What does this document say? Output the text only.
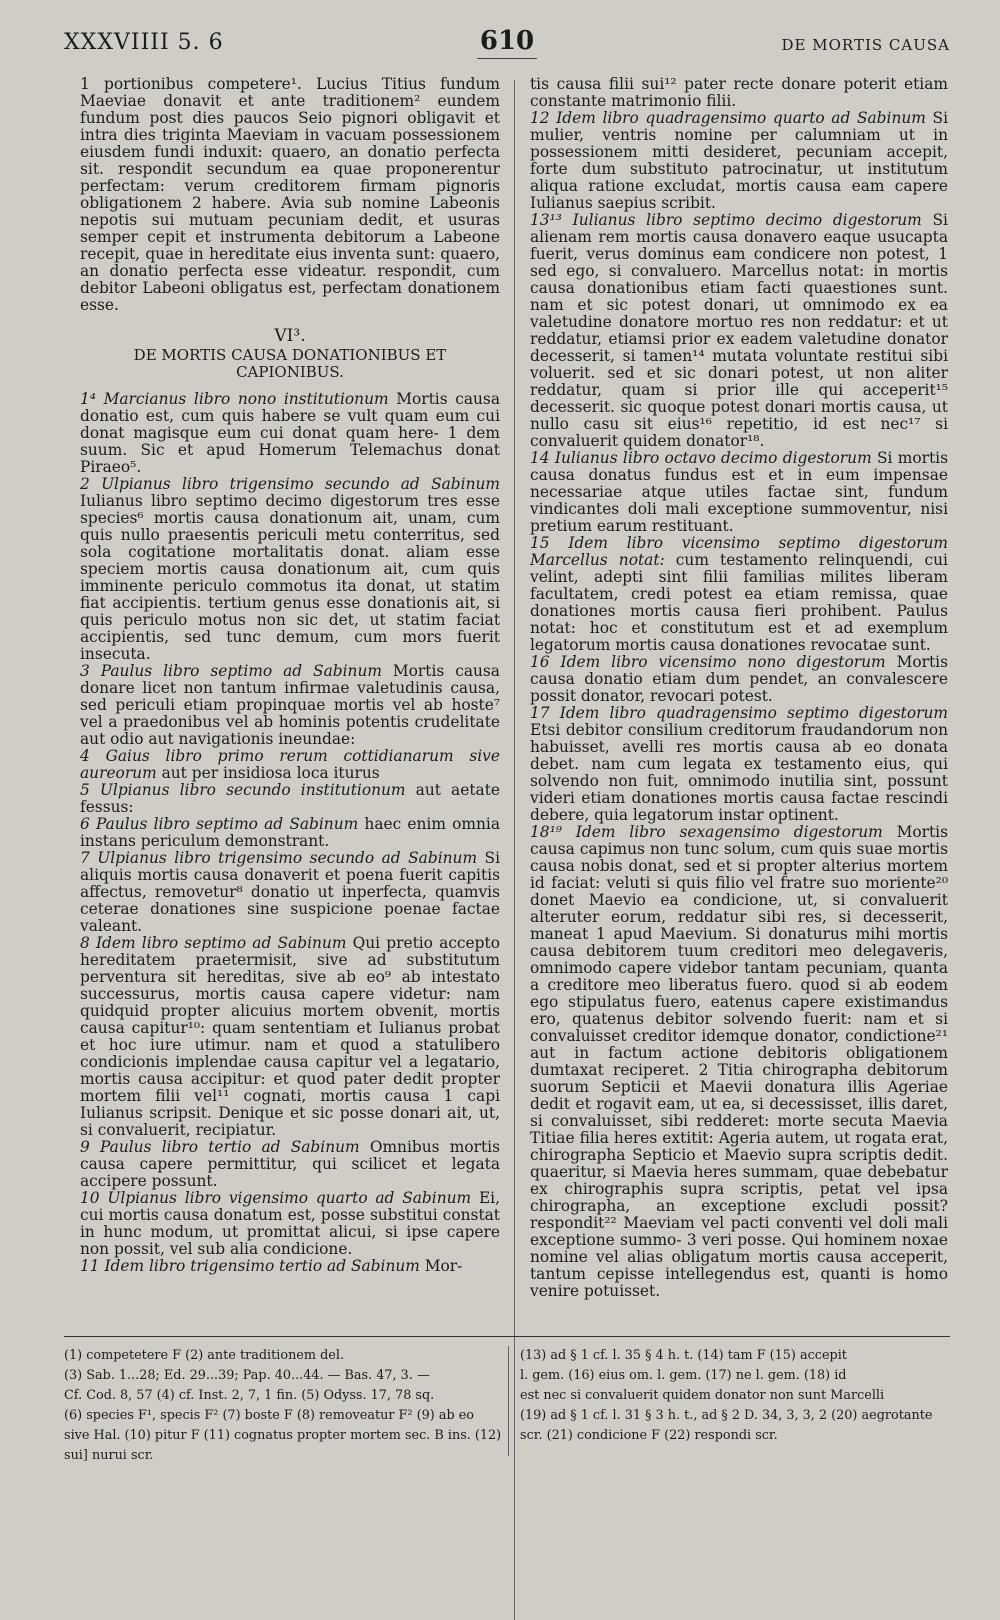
XXXVIIII 5. 6	610	DE MORTIS CAUSA

1 portionibus competere¹. Lucius Titius fundum Maeviae donavit et ante traditionem² eundem fundum post dies paucos Seio pignori obligavit et intra dies triginta Maeviam in vacuam possessionem eiusdem fundi induxit: quaero, an donatio perfecta sit. respondit secundum ea quae proponerentur perfectam: verum creditorem firmam pignoris obligationem 2 habere. Avia sub nomine Labeonis nepotis sui mutuam pecuniam dedit, et usuras semper cepit et instrumenta debitorum a Labeone recepit, quae in hereditate eius inventa sunt: quaero, an donatio perfecta esse videatur. respondit, cum debitor Labeoni obligatus est, perfectam donationem esse.

VI³.
DE MORTIS CAUSA DONATIONIBUS ET CAPIONIBUS.

1⁴ Marcianus libro nono institutionum Mortis causa donatio est, cum quis habere se vult quam eum cui donat magisque eum cui donat quam here- 1 dem suum. Sic et apud Homerum Telemachus donat Piraeo⁵.

2 Ulpianus libro trigensimo secundo ad Sabinum Iulianus libro septimo decimo digestorum tres esse species⁶ mortis causa donationum ait, unam, cum quis nullo praesentis periculi metu conterritus, sed sola cogitatione mortalitatis donat. aliam esse speciem mortis causa donationum ait, cum quis imminente periculo commotus ita donat, ut statim fiat accipientis. tertium genus esse donationis ait, si quis periculo motus non sic det, ut statim faciat accipientis, sed tunc demum, cum mors fuerit insecuta.

3 Paulus libro septimo ad Sabinum Mortis causa donare licet non tantum infirmae valetudinis causa, sed periculi etiam propinquae mortis vel ab hoste⁷ vel a praedonibus vel ab hominis potentis crudelitate aut odio aut navigationis ineundae:

4 Gaius libro primo rerum cottidianarum sive aureorum aut per insidiosa loca iturus

5 Ulpianus libro secundo institutionum aut aetate fessus:

6 Paulus libro septimo ad Sabinum haec enim omnia instans periculum demonstrant.

7 Ulpianus libro trigensimo secundo ad Sabinum Si aliquis mortis causa donaverit et poena fuerit capitis affectus, removetur⁸ donatio ut inperfecta, quamvis ceterae donationes sine suspicione poenae factae valeant.

8 Idem libro septimo ad Sabinum Qui pretio accepto hereditatem praetermisit, sive ad substitutum perventura sit hereditas, sive ab eo⁹ ab intestato successurus, mortis causa capere videtur: nam quidquid propter alicuius mortem obvenit, mortis causa capitur¹⁰: quam sententiam et Iulianus probat et hoc iure utimur. nam et quod a statulibero condicionis implendae causa capitur vel a legatario, mortis causa accipitur: et quod pater dedit propter mortem filii vel¹¹ cognati, mortis causa 1 capi Iulianus scripsit. Denique et sic posse donari ait, ut, si convaluerit, recipiatur.

9 Paulus libro tertio ad Sabinum Omnibus mortis causa capere permittitur, qui scilicet et legata accipere possunt.

10 Ulpianus libro vigensimo quarto ad Sabinum Ei, cui mortis causa donatum est, posse substitui constat in hunc modum, ut promittat alicui, si ipse capere non possit, vel sub alia condicione.

11 Idem libro trigensimo tertio ad Sabinum Mor-

tis causa filii sui¹² pater recte donare poterit etiam constante matrimonio filii.

12 Idem libro quadragensimo quarto ad Sabinum Si mulier, ventris nomine per calumniam ut in possessionem mitti desideret, pecuniam accepit, forte dum substituto patrocinatur, ut institutum aliqua ratione excludat, mortis causa eam capere Iulianus saepius scribit.

13¹³ Iulianus libro septimo decimo digestorum Si alienam rem mortis causa donavero eaque usucapta fuerit, verus dominus eam condicere non potest, 1 sed ego, si convaluero. Marcellus notat: in mortis causa donationibus etiam facti quaestiones sunt. nam et sic potest donari, ut omnimodo ex ea valetudine donatore mortuo res non reddatur: et ut reddatur, etiamsi prior ex eadem valetudine donator decesserit, si tamen¹⁴ mutata voluntate restitui sibi voluerit. sed et sic donari potest, ut non aliter reddatur, quam si prior ille qui acceperit¹⁵ decesserit. sic quoque potest donari mortis causa, ut nullo casu sit eius¹⁶ repetitio, id est nec¹⁷ si convaluerit quidem donator¹⁸.

14 Iulianus libro octavo decimo digestorum Si mortis causa donatus fundus est et in eum impensae necessariae atque utiles factae sint, fundum vindicantes doli mali exceptione summoventur, nisi pretium earum restituant.

15 Idem libro vicensimo septimo digestorum Marcellus notat: cum testamento relinquendi, cui velint, adepti sint filii familias milites liberam facultatem, credi potest ea etiam remissa, quae donationes mortis causa fieri prohibent. Paulus notat: hoc et constitutum est et ad exemplum legatorum mortis causa donationes revocatae sunt.

16 Idem libro vicensimo nono digestorum Mortis causa donatio etiam dum pendet, an convalescere possit donator, revocari potest.

17 Idem libro quadragensimo septimo digestorum Etsi debitor consilium creditorum fraudandorum non habuisset, avelli res mortis causa ab eo donata debet. nam cum legata ex testamento eius, qui solvendo non fuit, omnimodo inutilia sint, possunt videri etiam donationes mortis causa factae rescindi debere, quia legatorum instar optinent.

18¹⁹ Idem libro sexagensimo digestorum Mortis causa capimus non tunc solum, cum quis suae mortis causa nobis donat, sed et si propter alterius mortem id faciat: veluti si quis filio vel fratre suo moriente²⁰ donet Maevio ea condicione, ut, si convaluerit alteruter eorum, reddatur sibi res, si decesserit, maneat 1 apud Maevium. Si donaturus mihi mortis causa debitorem tuum creditori meo delegaveris, omnimodo capere videbor tantam pecuniam, quanta a creditore meo liberatus fuero. quod si ab eodem ego stipulatus fuero, eatenus capere existimandus ero, quatenus debitor solvendo fuerit: nam et si convaluisset creditor idemque donator, condictione²¹ aut in factum actione debitoris obligationem dumtaxat reciperet. 2 Titia chirographa debitorum suorum Septicii et Maevii donatura illis Ageriae dedit et rogavit eam, ut ea, si decessisset, illis daret, si convaluisset, sibi redderet: morte secuta Maevia Titiae filia heres extitit: Ageria autem, ut rogata erat, chirographa Septicio et Maevio supra scriptis dedit. quaeritur, si Maevia heres summam, quae debebatur ex chirographis supra scriptis, petat vel ipsa chirographa, an exceptione excludi possit? respondit²² Maeviam vel pacti conventi vel doli mali exceptione summo- 3 veri posse. Qui hominem noxae nomine vel alias obligatum mortis causa acceperit, tantum cepisse intellegendus est, quanti is homo venire potuisset.

(1) competetere F (2) ante traditionem del.
(3) Sab. 1...28; Ed. 29...39; Pap. 40...44. — Bas. 47, 3. —
Cf. Cod. 8, 57 (4) cf. Inst. 2, 7, 1 fin. (5) Odyss. 17, 78 sq.
(6) species F¹, specis F² (7) boste F (8) removeatur F² (9) ab eo sive Hal. (10) pitur F (11) cognatus propter mortem sec. B ins. (12) sui] nurui scr.
(13) ad § 1 cf. l. 35 § 4 h. t. (14) tam F (15) accepit
l. gem. (16) eius om. l. gem. (17) ne l. gem. (18) id
est nec si convaluerit quidem donator non sunt Marcelli
(19) ad § 1 cf. l. 31 § 3 h. t., ad § 2 D. 34, 3, 3, 2 (20) aegrotante scr. (21) condicione F (22) respondi scr.
